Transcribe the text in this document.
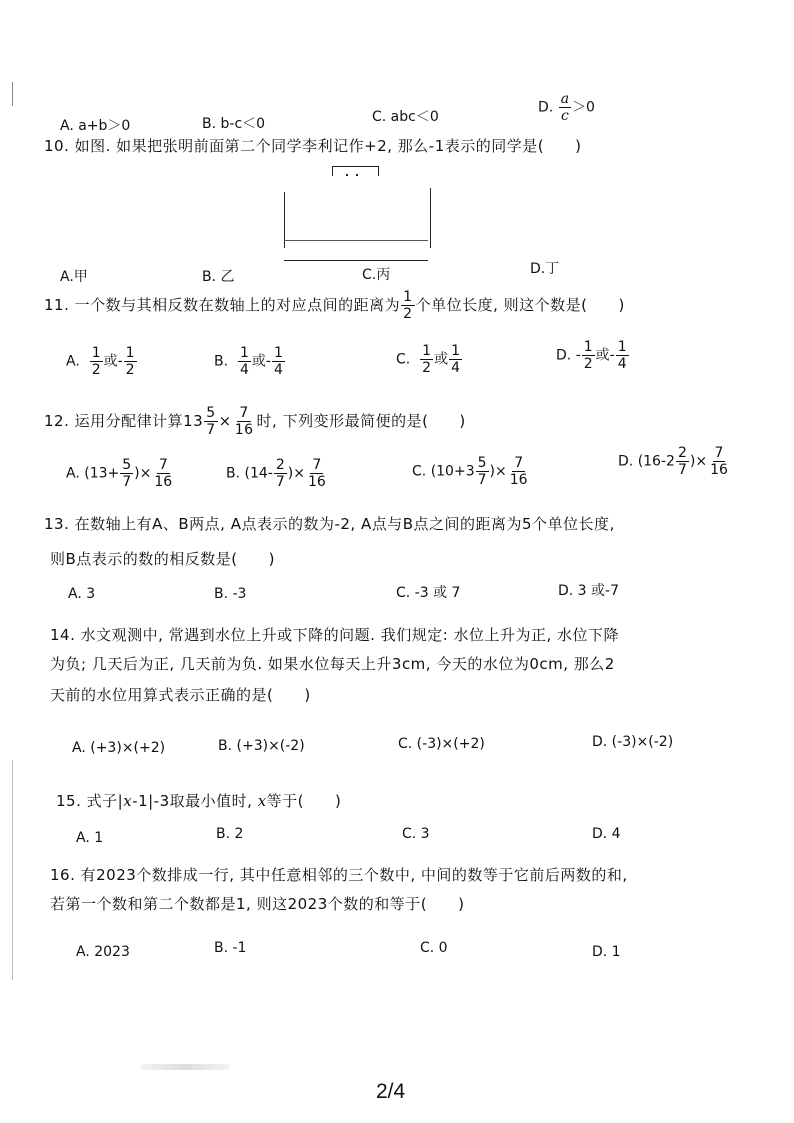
A. a+b＞0	B. b-c＜0	C. abc＜0
D. $\frac{a}{c} >0$
10. 如图. 如果把张明前面第二个同学李利记作+2, 那么-1表示的同学是(　　)
A.甲	B. 乙	C.丙	D.丁
11. 一个数与其相反数在数轴上的对应点间的距离为 $\frac{1}{2}$ 个单位长度, 则这个数是(　　)
A. $\frac{1}{2}$ 或- $\frac{1}{2}$	B. $\frac{1}{4}$ 或- $\frac{1}{4}$	C. $\frac{1}{2}$ 或 $\frac{1}{4}$	D. - $\frac{1}{2}$ 或- $\frac{1}{4}$
12. 运用分配律计算$13 \frac{5}{7} \times \frac{7}{16}$ 时, 下列变形最简便的是(　　)
A. ($13+ \frac{5}{7}$ )× $\frac{7}{16}$	B. ($14- \frac{2}{7}$ )× $\frac{7}{16}$	C. ($10+3 \frac{5}{7}$ )× $\frac{7}{16}$	D. ($16-2 \frac{2}{7}$ )× $\frac{7}{16}$
13. 在数轴上有A、B两点, A点表示的数为-2, A点与B点之间的距离为5个单位长度,
则B点表示的数的相反数是(　　)
A. 3	B. -3	C. -3 或 7	D. 3 或-7
14. 水文观测中, 常遇到水位上升或下降的问题. 我们规定: 水位上升为正, 水位下降
为负; 几天后为正, 几天前为负. 如果水位每天上升3cm, 今天的水位为0cm, 那么2
天前的水位用算式表示正确的是(　　)
A. (+3)×(+2)	B. (+3)×(-2)	C. (-3)×(+2)	D. (-3)×(-2)
15. 式子|x-1|-3取最小值时, x等于(　　)
A. 1	B. 2	C. 3	D. 4
16. 有2023个数排成一行, 其中任意相邻的三个数中, 中间的数等于它前后两数的和,
若第一个数和第二个数都是1, 则这2023个数的和等于(　　)
A. 2023	B. -1	C. 0	D. 1
2/4
